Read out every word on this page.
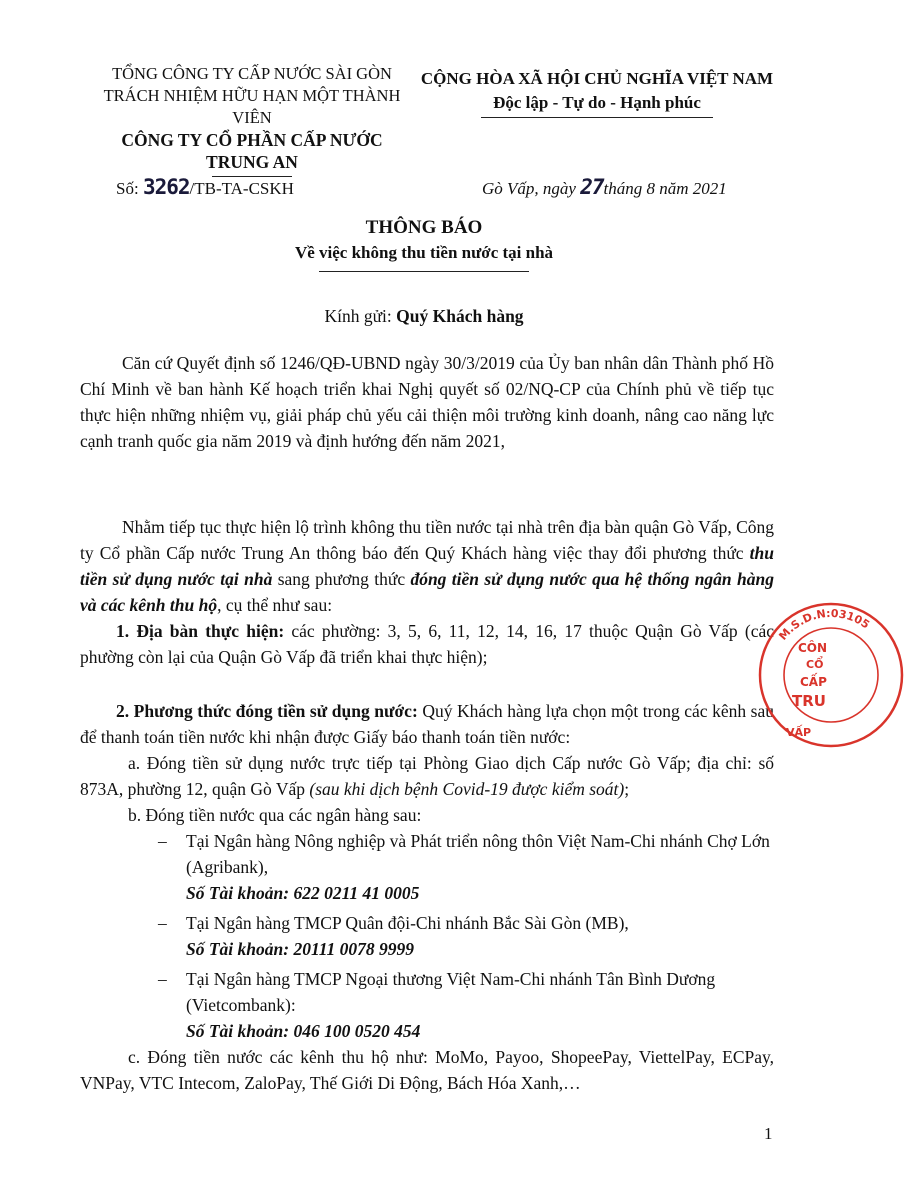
TỔNG CÔNG TY CẤP NƯỚC SÀI GÒN
TRÁCH NHIỆM HỮU HẠN MỘT THÀNH VIÊN
CÔNG TY CỔ PHẦN CẤP NƯỚC
TRUNG AN
CỘNG HÒA XÃ HỘI CHỦ NGHĨA VIỆT NAM
Độc lập - Tự do - Hạnh phúc
Số: 3262/TB-TA-CSKH	Gò Vấp, ngày 27tháng 8 năm 2021
THÔNG BÁO
Về việc không thu tiền nước tại nhà
Kính gửi: Quý Khách hàng
Căn cứ Quyết định số 1246/QĐ-UBND ngày 30/3/2019 của Ủy ban nhân dân Thành phố Hồ Chí Minh về ban hành Kế hoạch triển khai Nghị quyết số 02/NQ-CP của Chính phủ về tiếp tục thực hiện những nhiệm vụ, giải pháp chủ yếu cải thiện môi trường kinh doanh, nâng cao năng lực cạnh tranh quốc gia năm 2019 và định hướng đến năm 2021,
Nhằm tiếp tục thực hiện lộ trình không thu tiền nước tại nhà trên địa bàn quận Gò Vấp, Công ty Cổ phần Cấp nước Trung An thông báo đến Quý Khách hàng việc thay đổi phương thức thu tiền sử dụng nước tại nhà sang phương thức đóng tiền sử dụng nước qua hệ thống ngân hàng và các kênh thu hộ, cụ thể như sau:
1. Địa bàn thực hiện: các phường: 3, 5, 6, 11, 12, 14, 16, 17 thuộc Quận Gò Vấp (các phường còn lại của Quận Gò Vấp đã triển khai thực hiện);
2. Phương thức đóng tiền sử dụng nước: Quý Khách hàng lựa chọn một trong các kênh sau để thanh toán tiền nước khi nhận được Giấy báo thanh toán tiền nước:
a. Đóng tiền sử dụng nước trực tiếp tại Phòng Giao dịch Cấp nước Gò Vấp; địa chỉ: số 873A, phường 12, quận Gò Vấp (sau khi dịch bệnh Covid-19 được kiểm soát);
b. Đóng tiền nước qua các ngân hàng sau:
– Tại Ngân hàng Nông nghiệp và Phát triển nông thôn Việt Nam-Chi nhánh Chợ Lớn (Agribank),
Số Tài khoản: 622 0211 41 0005
– Tại Ngân hàng TMCP Quân đội-Chi nhánh Bắc Sài Gòn (MB),
Số Tài khoản: 20111 0078 9999
– Tại Ngân hàng TMCP Ngoại thương Việt Nam-Chi nhánh Tân Bình Dương (Vietcombank):
Số Tài khoản: 046 100 0520 454
c. Đóng tiền nước các kênh thu hộ như: MoMo, Payoo, ShopeePay, ViettelPay, ECPay, VNPay, VTC Intecom, ZaloPay, Thế Giới Di Động, Bách Hóa Xanh,…
1
M.S.D.N:03105
CÔN
CỔ
CẤP
TRU
VẤP
